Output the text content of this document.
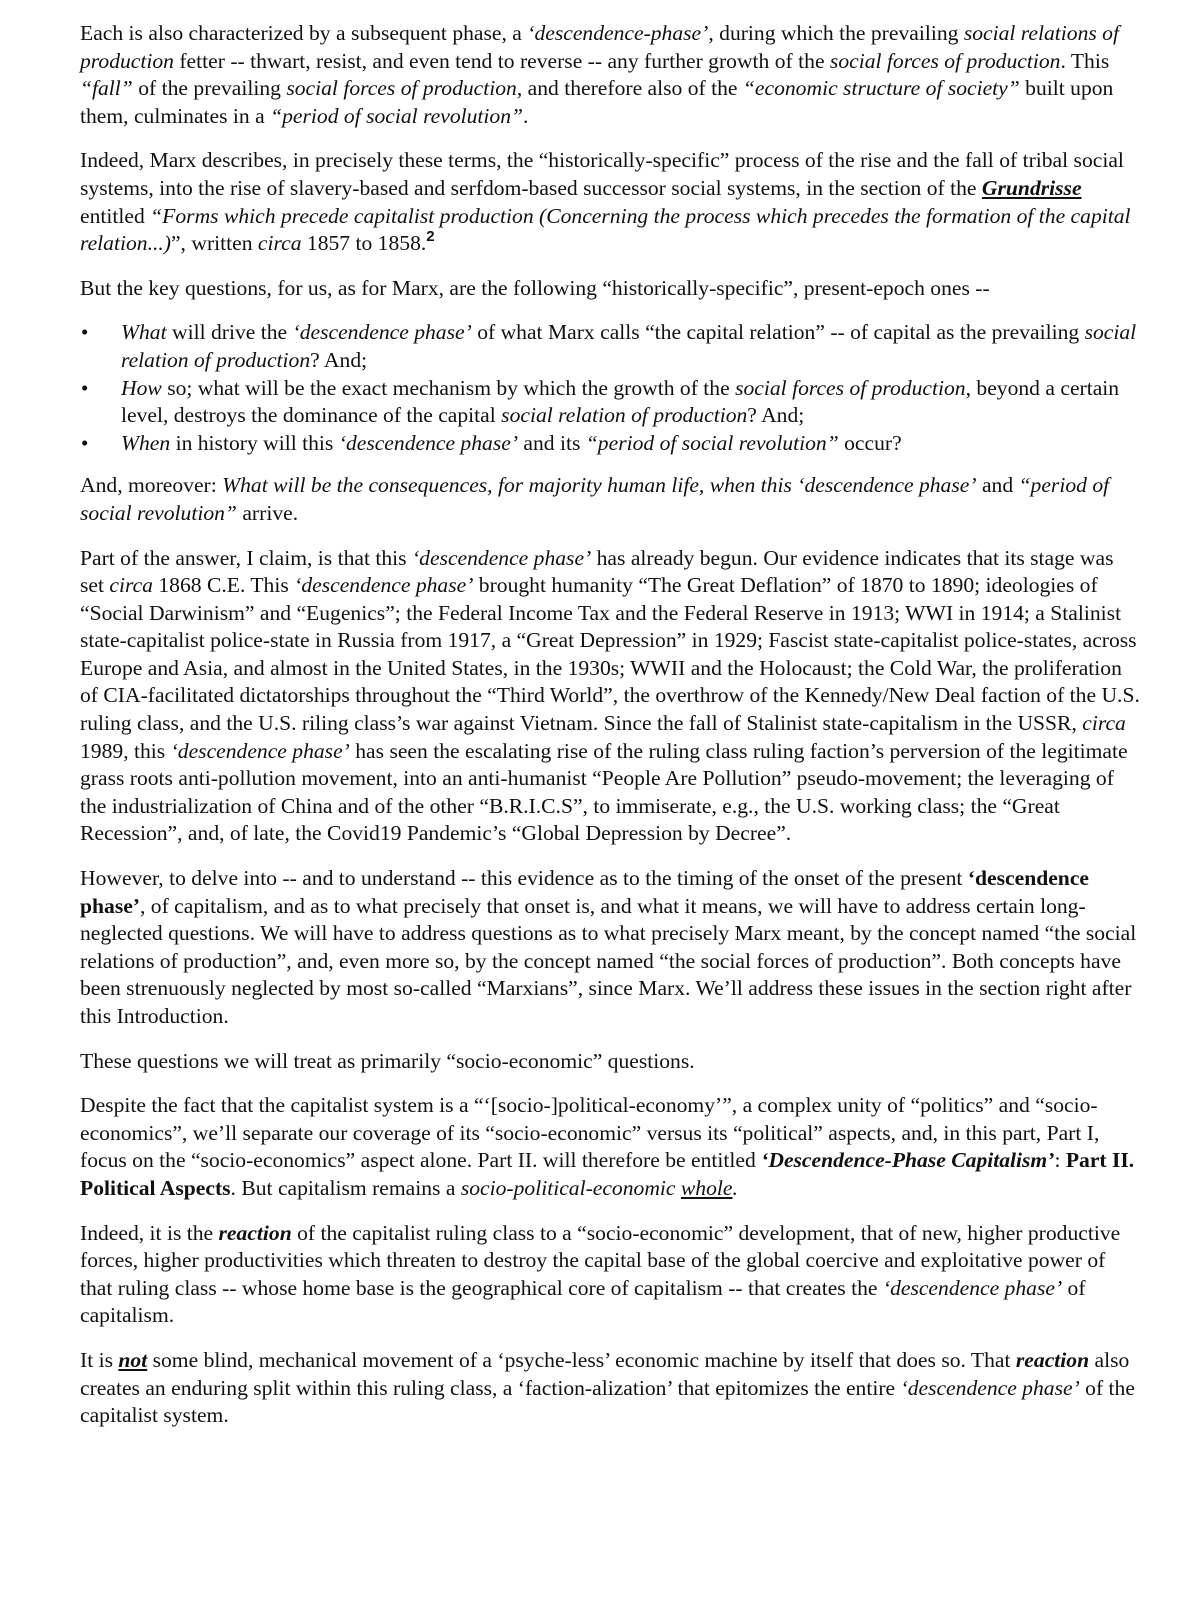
Each is also characterized by a subsequent phase, a ‘descendence-phase’, during which the prevailing social relations of production fetter -- thwart, resist, and even tend to reverse -- any further growth of the social forces of production. This “fall” of the prevailing social forces of production, and therefore also of the “economic structure of society” built upon them, culminates in a “period of social revolution”.

Indeed, Marx describes, in precisely these terms, the “historically-specific” process of the rise and the fall of tribal social systems, into the rise of slavery-based and serfdom-based successor social systems, in the section of the Grundrisse entitled “Forms which precede capitalist production (Concerning the process which precedes the formation of the capital relation...)”, written circa 1857 to 1858.$^2$

But the key questions, for us, as for Marx, are the following “historically-specific”, present-epoch ones --

• What will drive the ‘descendence phase’ of what Marx calls “the capital relation” -- of capital as the prevailing social relation of production? And;
• How so; what will be the exact mechanism by which the growth of the social forces of production, beyond a certain level, destroys the dominance of the capital social relation of production? And;
• When in history will this ‘descendence phase’ and its “period of social revolution” occur?

And, moreover: What will be the consequences, for majority human life, when this ‘descendence phase’ and “period of social revolution” arrive.

Part of the answer, I claim, is that this ‘descendence phase’ has already begun. Our evidence indicates that its stage was set circa 1868 C.E. This ‘descendence phase’ brought humanity “The Great Deflation” of 1870 to 1890; ideologies of “Social Darwinism” and “Eugenics”; the Federal Income Tax and the Federal Reserve in 1913; WWI in 1914; a Stalinist state-capitalist police-state in Russia from 1917, a “Great Depression” in 1929; Fascist state-capitalist police-states, across Europe and Asia, and almost in the United States, in the 1930s; WWII and the Holocaust; the Cold War, the proliferation of CIA-facilitated dictatorships throughout the “Third World”, the overthrow of the Kennedy/New Deal faction of the U.S. ruling class, and the U.S. riling class’s war against Vietnam. Since the fall of Stalinist state-capitalism in the USSR, circa 1989, this ‘descendence phase’ has seen the escalating rise of the ruling class ruling faction’s perversion of the legitimate grass roots anti-pollution movement, into an anti-humanist “People Are Pollution” pseudo-movement; the leveraging of the industrialization of China and of the other “B.R.I.C.S”, to immiserate, e.g., the U.S. working class; the “Great Recession”, and, of late, the Covid19 Pandemic’s “Global Depression by Decree”.

However, to delve into -- and to understand -- this evidence as to the timing of the onset of the present ‘descendence phase’, of capitalism, and as to what precisely that onset is, and what it means, we will have to address certain long-neglected questions. We will have to address questions as to what precisely Marx meant, by the concept named “the social relations of production”, and, even more so, by the concept named “the social forces of production”. Both concepts have been strenuously neglected by most so-called “Marxians”, since Marx. We’ll address these issues in the section right after this Introduction.

These questions we will treat as primarily “socio-economic” questions.

Despite the fact that the capitalist system is a “‘[socio-]political-economy’”, a complex unity of “politics” and “socio-economics”, we’ll separate our coverage of its “socio-economic” versus its “political” aspects, and, in this part, Part I, focus on the “socio-economics” aspect alone. Part II. will therefore be entitled ‘Descendence-Phase Capitalism’: Part II. Political Aspects. But capitalism remains a socio-political-economic whole.

Indeed, it is the reaction of the capitalist ruling class to a “socio-economic” development, that of new, higher productive forces, higher productivities which threaten to destroy the capital base of the global coercive and exploitative power of that ruling class -- whose home base is the geographical core of capitalism -- that creates the ‘descendence phase’ of capitalism.

It is not some blind, mechanical movement of a ‘psyche-less’ economic machine by itself that does so. That reaction also creates an enduring split within this ruling class, a ‘faction-alization’ that epitomizes the entire ‘descendence phase’ of the capitalist system.
